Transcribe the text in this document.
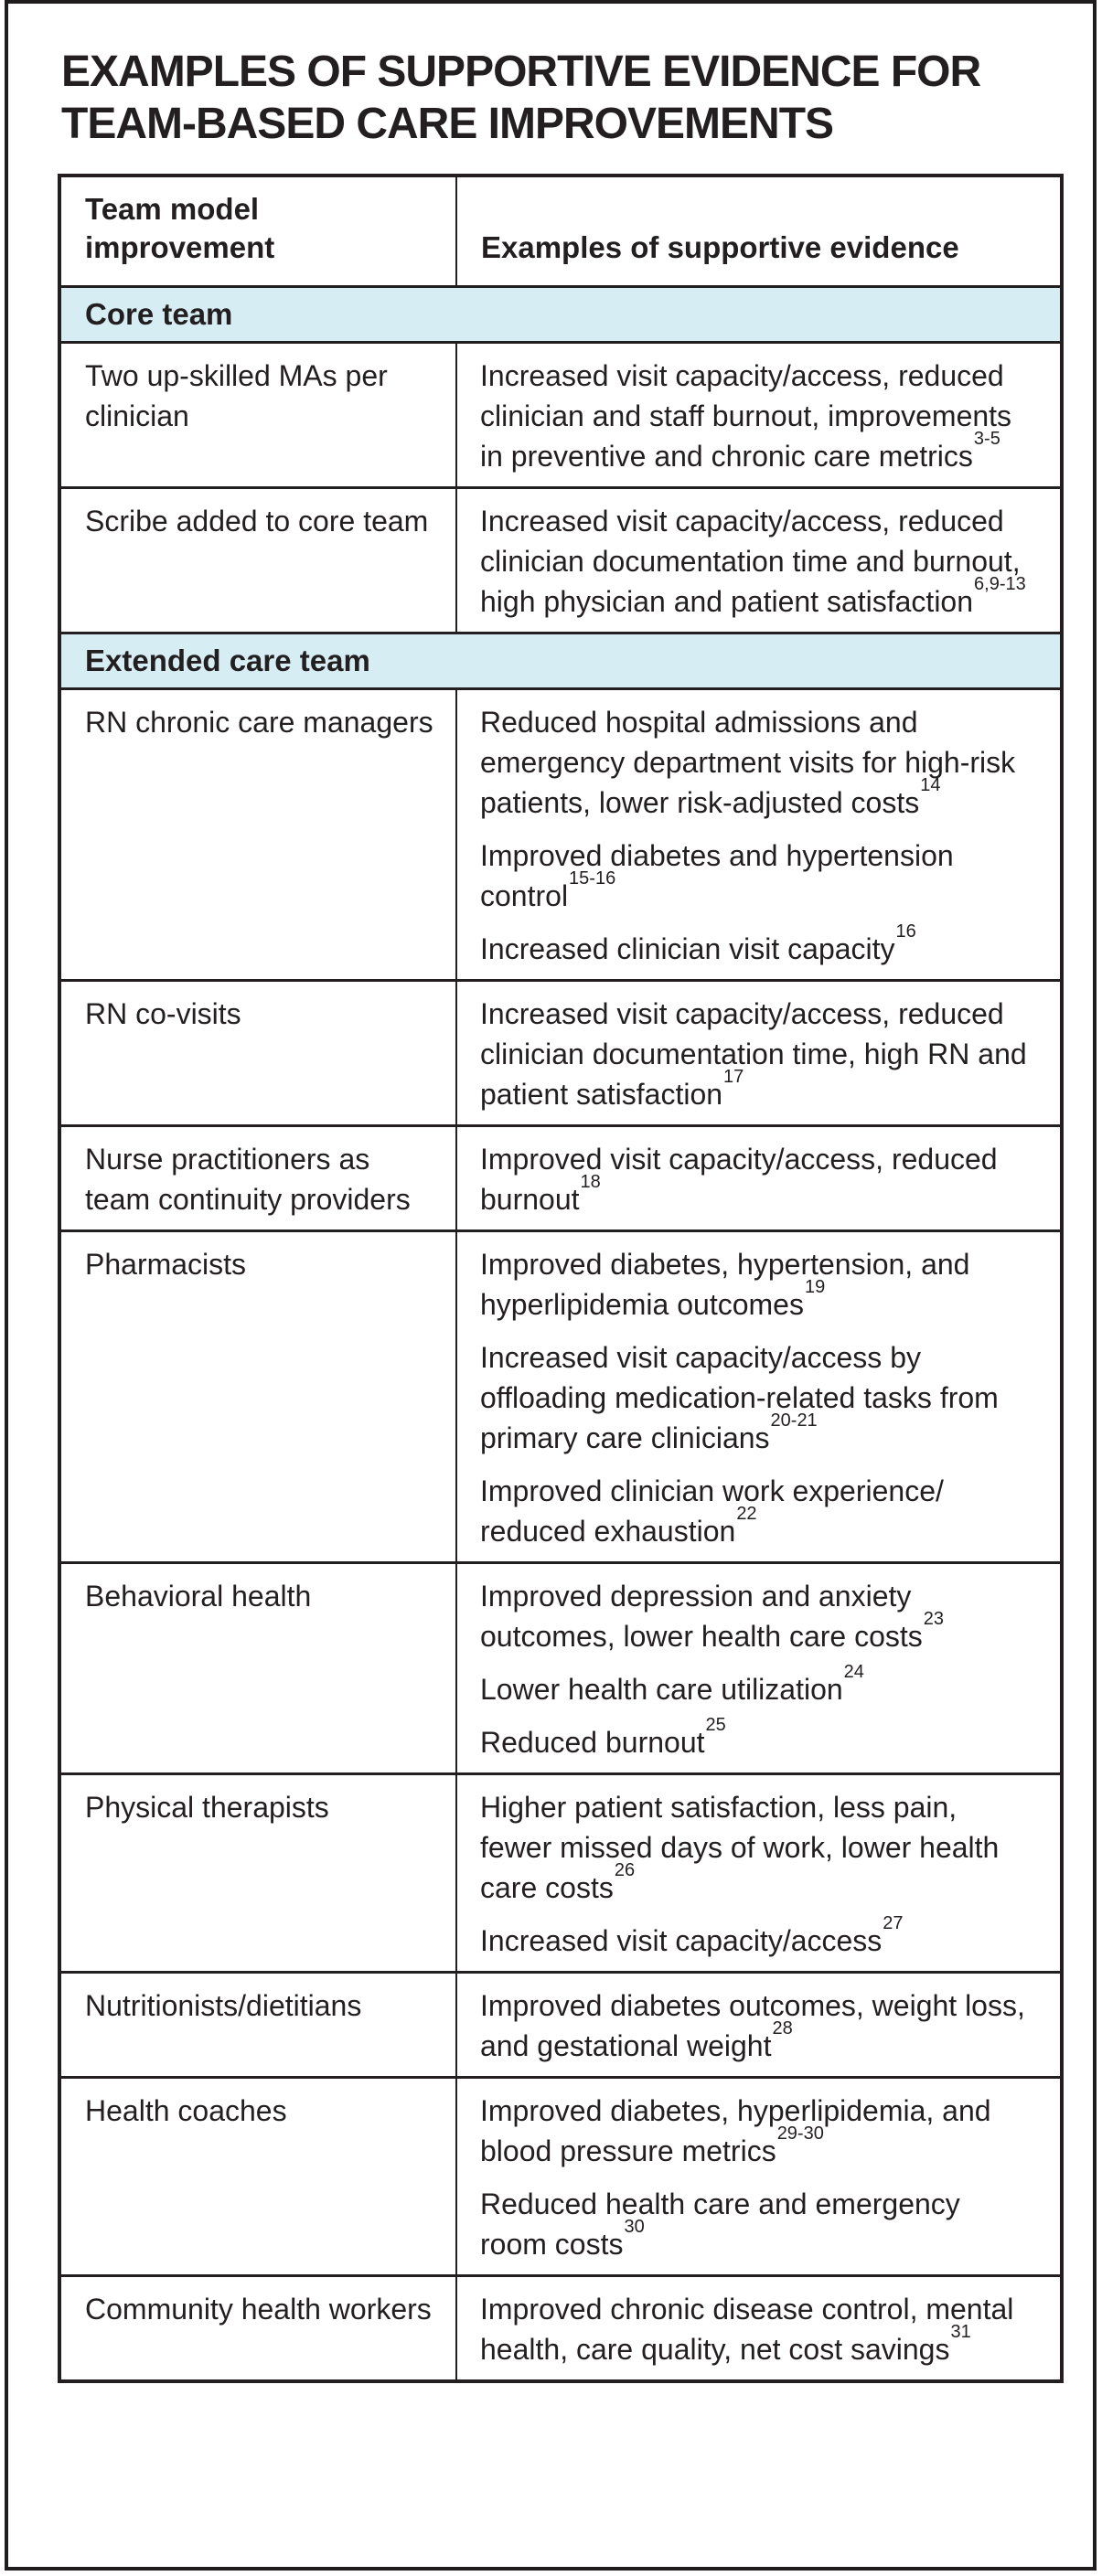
EXAMPLES OF SUPPORTIVE EVIDENCE FOR TEAM-BASED CARE IMPROVEMENTS
Team model improvement	Examples of supportive evidence
Core team	
Two up-skilled MAs per clinician	Increased visit capacity/access, reduced clinician and staff burnout, improvements in preventive and chronic care metrics$^{3-5}$

Scribe added to core team	Increased visit capacity/access, reduced clinician documentation time and burnout, high physician and patient satisfaction$^{6,9-13}$

Extended care team	
RN chronic care managers	Reduced hospital admissions and emergency department visits for high-risk patients, lower risk-adjusted costs$^{14}$

Improved diabetes and hypertension control$^{15-16}$

Increased clinician visit capacity$^{16}$

RN co-visits	Increased visit capacity/access, reduced clinician documentation time, high RN and patient satisfaction$^{17}$

Nurse practitioners as team continuity providers	Improved visit capacity/access, reduced burnout$^{18}$

Pharmacists	Improved diabetes, hypertension, and hyperlipidemia outcomes$^{19}$

Increased visit capacity/access by offloading medication-related tasks from primary care clinicians$^{20-21}$

Improved clinician work experience/ reduced exhaustion$^{22}$

Behavioral health	Improved depression and anxiety outcomes, lower health care costs$^{23}$

Lower health care utilization$^{24}$

Reduced burnout$^{25}$

Physical therapists	Higher patient satisfaction, less pain, fewer missed days of work, lower health care costs$^{26}$

Increased visit capacity/access$^{27}$

Nutritionists/dietitians	Improved diabetes outcomes, weight loss, and gestational weight$^{28}$

Health coaches	Improved diabetes, hyperlipidemia, and blood pressure metrics$^{29-30}$

Reduced health care and emergency room costs$^{30}$

Community health workers	Improved chronic disease control, mental health, care quality, net cost savings$^{31}$
